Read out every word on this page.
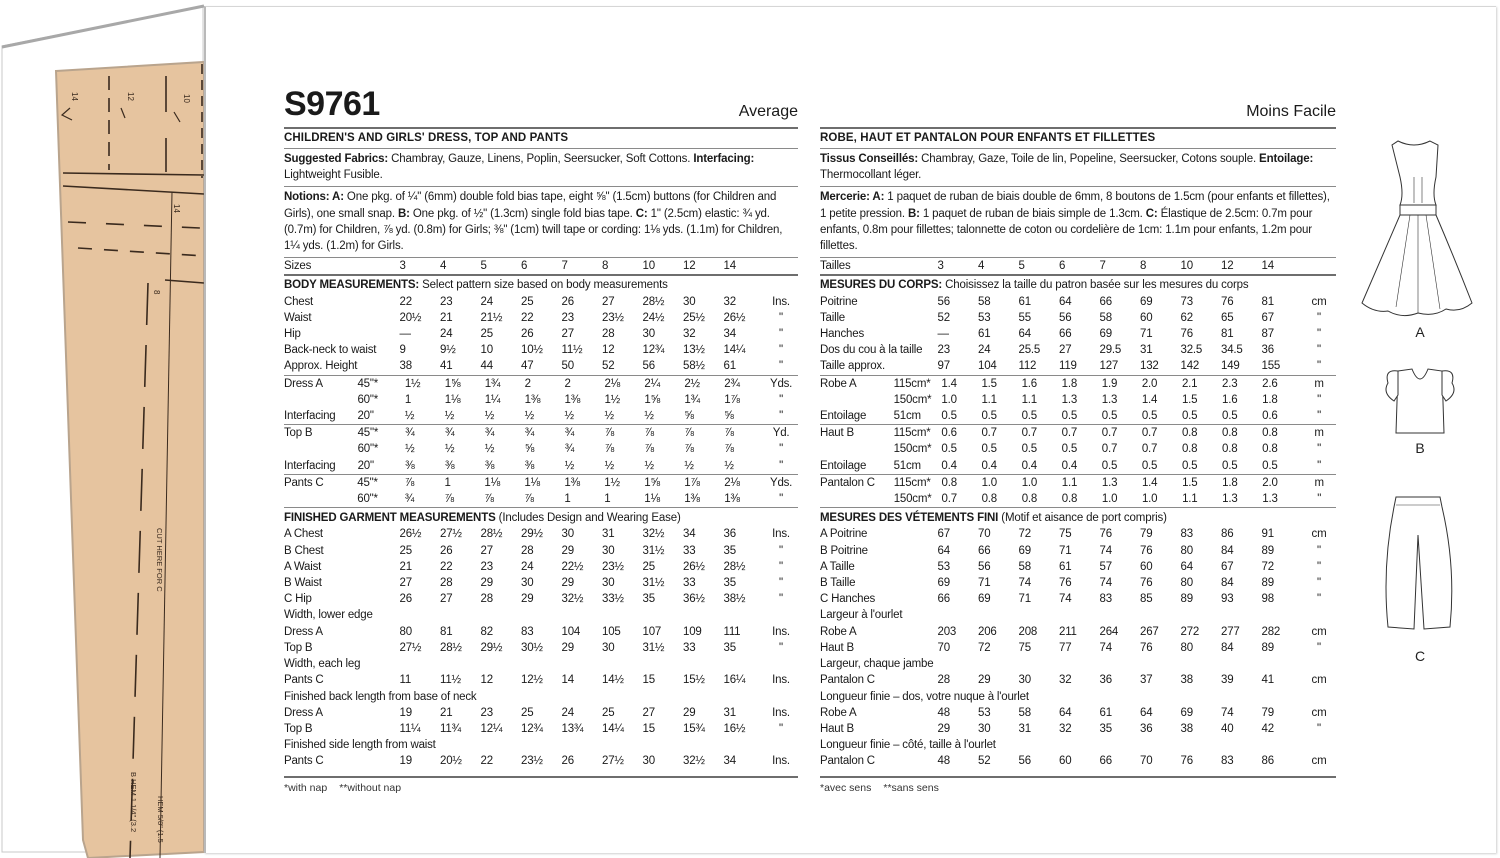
14	12	10
14
8
CUT HERE FOR C
B HEM 1 1/4" (3.2 HEM 5/8" (1.5
S9761	Average
CHILDREN'S AND GIRLS' DRESS, TOP AND PANTS
Suggested Fabrics: Chambray, Gauze, Linens, Poplin, Seersucker, Soft Cottons. Interfacing: Lightweight Fusible.
Notions: A: One pkg. of ¼" (6mm) double fold bias tape, eight ⅝" (1.5cm) buttons (for Children and Girls), one small snap. B: One pkg. of ½" (1.3cm) single fold bias tape. C: 1" (2.5cm) elastic: ¾ yd. (0.7m) for Children, ⅞ yd. (0.8m) for Girls; ⅜" (1cm) twill tape or cording: 1⅛ yds. (1.1m) for Children, 1¼ yds. (1.2m) for Girls.
Sizes	3	4	5	6	7	8	10	12	14	
BODY MEASUREMENTS: Select pattern size based on body measurements
Chest	22	23	24	25	26	27	28½	30	32	Ins.
Waist	20½	21	21½	22	23	23½	24½	25½	26½	"
Hip	—	24	25	26	27	28	30	32	34	"
Back-neck to waist	9	9½	10	10½	11½	12	12¾	13½	14¼	"
Approx. Height	38	41	44	47	50	52	56	58½	61	"
Dress A	45"*	1½	1⅝	1¾	2	2	2⅛	2¼	2½	2¾	Yds.
	60"*	1	1⅛	1¼	1⅜	1⅜	1½	1⅝	1¾	1⅞	"
Interfacing	20"	½	½	½	½	½	½	½	⅝	⅝	"
Top B	45"*	¾	¾	¾	¾	¾	⅞	⅞	⅞	⅞	Yd.
	60"*	½	½	½	⅝	¾	⅞	⅞	⅞	⅞	"
Interfacing	20"	⅜	⅜	⅜	⅜	½	½	½	½	½	"
Pants C	45"*	⅞	1	1⅛	1⅛	1⅜	1½	1⅝	1⅞	2⅛	Yds.
	60"*	¾	⅞	⅞	⅞	1	1	1⅛	1⅜	1⅜	"
FINISHED GARMENT MEASUREMENTS (Includes Design and Wearing Ease)
A Chest	26½	27½	28½	29½	30	31	32½	34	36	Ins.
B Chest	25	26	27	28	29	30	31½	33	35	"
A Waist	21	22	23	24	22½	23½	25	26½	28½	"
B Waist	27	28	29	30	29	30	31½	33	35	"
C Hip	26	27	28	29	32½	33½	35	36½	38½	"
Width, lower edge										
Dress A	80	81	82	83	104	105	107	109	111	Ins.
Top B	27½	28½	29½	30½	29	30	31½	33	35	"
Width, each leg										
Pants C	11	11½	12	12½	14	14½	15	15½	16¼	Ins.
Finished back length from base of neck										
Dress A	19	21	23	25	24	25	27	29	31	Ins.
Top B	11¼	11¾	12¼	12¾	13¾	14¼	15	15¾	16½	"
Finished side length from waist										
Pants C	19	20½	22	23½	26	27½	30	32½	34	Ins.
*with nap **without nap
Moins Facile
ROBE, HAUT ET PANTALON POUR ENFANTS ET FILLETTES
Tissus Conseillés: Chambray, Gaze, Toile de lin, Popeline, Seersucker, Cotons souple. Entoilage: Thermocollant léger.
Mercerie: A: 1 paquet de ruban de biais double de 6mm, 8 boutons de 1.5cm (pour enfants et fillettes), 1 petite pression. B: 1 paquet de ruban de biais simple de 1.3cm. C: Élastique de 2.5cm: 0.7m pour enfants, 0.8m pour fillettes; talonnette de coton ou cordelière de 1cm: 1.1m pour enfants, 1.2m pour fillettes.
Tailles	3	4	5	6	7	8	10	12	14	
MESURES DU CORPS: Choisissez la taille du patron basée sur les mesures du corps
Poitrine	56	58	61	64	66	69	73	76	81	cm
Taille	52	53	55	56	58	60	62	65	67	"
Hanches	—	61	64	66	69	71	76	81	87	"
Dos du cou à la taille	23	24	25.5	27	29.5	31	32.5	34.5	36	"
Taille approx.	97	104	112	119	127	132	142	149	155	"
Robe A	115cm*	1.4	1.5	1.6	1.8	1.9	2.0	2.1	2.3	2.6	m
	150cm*	1.0	1.1	1.1	1.3	1.3	1.4	1.5	1.6	1.8	"
Entoilage	51cm	0.5	0.5	0.5	0.5	0.5	0.5	0.5	0.5	0.6	"
Haut B	115cm*	0.6	0.7	0.7	0.7	0.7	0.7	0.8	0.8	0.8	m
	150cm*	0.5	0.5	0.5	0.5	0.7	0.7	0.8	0.8	0.8	"
Entoilage	51cm	0.4	0.4	0.4	0.4	0.5	0.5	0.5	0.5	0.5	"
Pantalon C	115cm*	0.8	1.0	1.0	1.1	1.3	1.4	1.5	1.8	2.0	m
	150cm*	0.7	0.8	0.8	0.8	1.0	1.0	1.1	1.3	1.3	"
MESURES DES VÉTEMENTS FINI (Motif et aisance de port compris)
A Poitrine	67	70	72	75	76	79	83	86	91	cm
B Poitrine	64	66	69	71	74	76	80	84	89	"
A Taille	53	56	58	61	57	60	64	67	72	"
B Taille	69	71	74	76	74	76	80	84	89	"
C Hanches	66	69	71	74	83	85	89	93	98	"
Largeur à l'ourlet										
Robe A	203	206	208	211	264	267	272	277	282	cm
Haut B	70	72	75	77	74	76	80	84	89	"
Largeur, chaque jambe										
Pantalon C	28	29	30	32	36	37	38	39	41	cm
Longueur finie – dos, votre nuque à l'ourlet										
Robe A	48	53	58	64	61	64	69	74	79	cm
Haut B	29	30	31	32	35	36	38	40	42	"
Longueur finie – côté, taille à l'ourlet										
Pantalon C	48	52	56	60	66	70	76	83	86	cm
*avec sens **sans sens
A
B
C
